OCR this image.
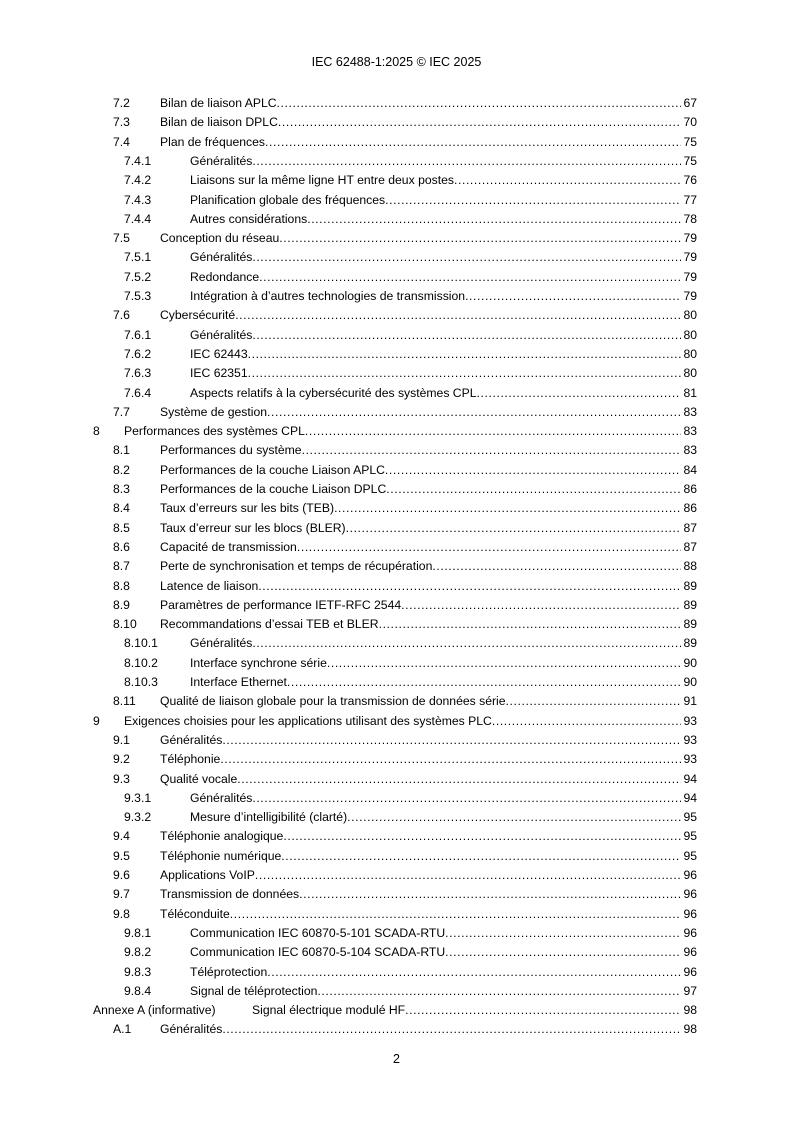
IEC 62488-1:2025 © IEC 2025
7.2 Bilan de liaison APLC .....	67
7.3 Bilan de liaison DPLC .....	70
7.4 Plan de fréquences .....	75
7.4.1	Généralités .....	75
7.4.2	Liaisons sur la même ligne HT entre deux postes .....	76
7.4.3	Planification globale des fréquences .....	77
7.4.4	Autres considérations .....	78
7.5 Conception du réseau .....	79
7.5.1	Généralités .....	79
7.5.2	Redondance .....	79
7.5.3	Intégration à d’autres technologies de transmission .....	79
7.6 Cybersécurité .....	80
7.6.1	Généralités .....	80
7.6.2	IEC 62443 .....	80
7.6.3	IEC 62351 .....	80
7.6.4	Aspects relatifs à la cybersécurité des systèmes CPL .....	81
7.7 Système de gestion .....	83
8 Performances des systèmes CPL .....	83
8.1 Performances du système .....	83
8.2 Performances de la couche Liaison APLC .....	84
8.3 Performances de la couche Liaison DPLC .....	86
8.4 Taux d’erreurs sur les bits (TEB) .....	86
8.5 Taux d’erreur sur les blocs (BLER) .....	87
8.6 Capacité de transmission .....	87
8.7 Perte de synchronisation et temps de récupération .....	88
8.8 Latence de liaison .....	89
8.9 Paramètres de performance IETF-RFC 2544 .....	89
8.10 Recommandations d’essai TEB et BLER .....	89
8.10.1	Généralités .....	89
8.10.2	Interface synchrone série .....	90
8.10.3	Interface Ethernet .....	90
8.11 Qualité de liaison globale pour la transmission de données série .....	91
9 Exigences choisies pour les applications utilisant des systèmes PLC .....	93
9.1 Généralités .....	93
9.2 Téléphonie .....	93
9.3 Qualité vocale .....	94
9.3.1	Généralités .....	94
9.3.2	Mesure d’intelligibilité (clarté) .....	95
9.4 Téléphonie analogique .....	95
9.5 Téléphonie numérique .....	95
9.6 Applications VoIP .....	96
9.7 Transmission de données .....	96
9.8 Téléconduite .....	96
9.8.1	Communication IEC 60870-5-101 SCADA-RTU .....	96
9.8.2	Communication IEC 60870-5-104 SCADA-RTU .....	96
9.8.3	Téléprotection .....	96
9.8.4	Signal de téléprotection .....	97
Annexe A (informative)	Signal électrique modulé HF .....	98
A.1 Généralités .....	98
2
